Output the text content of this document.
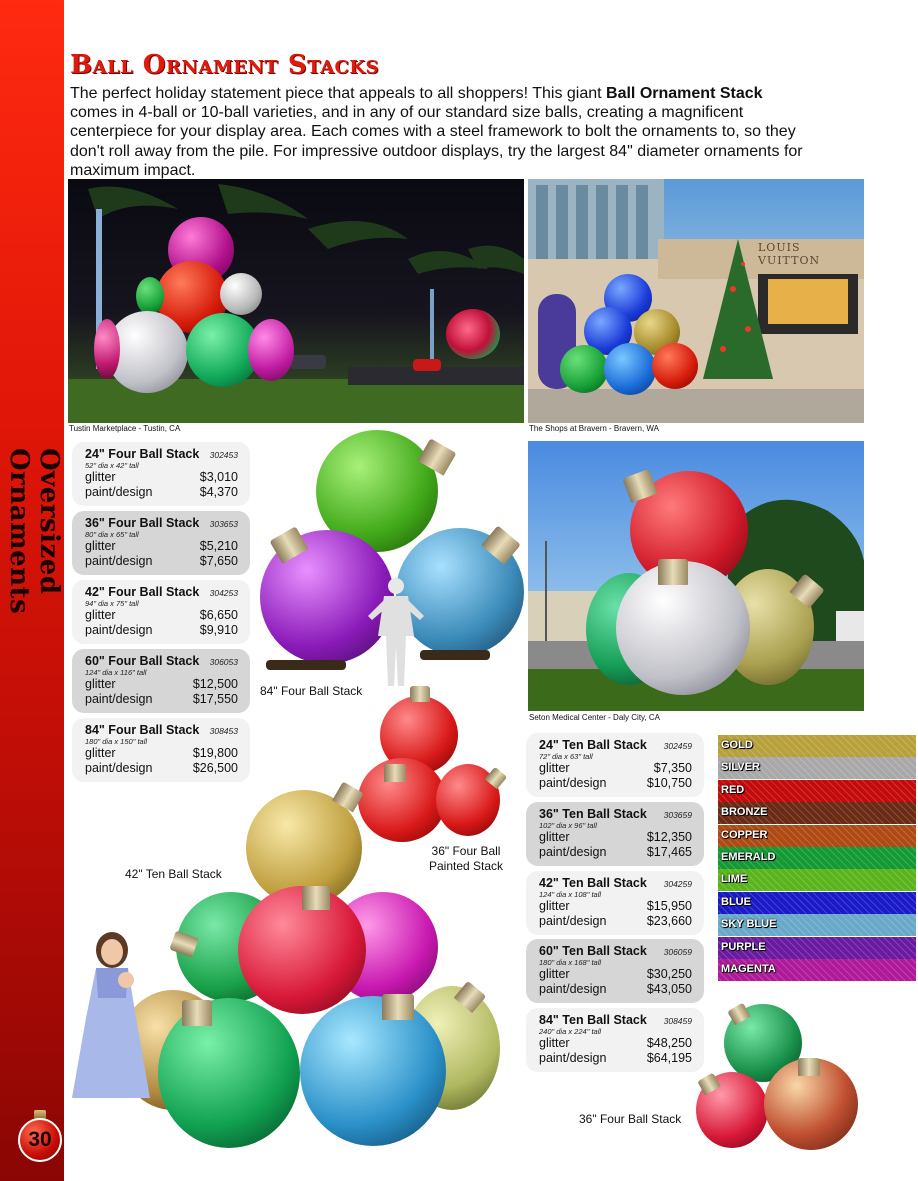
Oversized Ornaments
30
Ball Ornament Stacks

The perfect holiday statement piece that appeals to all shoppers! This giant Ball Ornament Stack comes in 4-ball or 10-ball varieties, and in any of our standard size balls, creating a magnificent centerpiece for your display area. Each comes with a steel framework to bolt the ornaments to, so they don't roll away from the pile. For impressive outdoor displays, try the largest 84" diameter ornaments for maximum impact.

Tustin Marketplace - Tustin, CA
LOUIS VUITTON
The Shops at Bravern - Bravern, WA
24" Four Ball Stack 302453
52" dia x 42" tall
glitter	$3,010
paint/design	$4,370
36" Four Ball Stack 303653
80" dia x 65" tall
glitter	$5,210
paint/design	$7,650
42" Four Ball Stack 304253
94" dia x 75" tall
glitter	$6,650
paint/design	$9,910
60" Four Ball Stack 306053
124" dia x 116" tall
glitter	$12,500
paint/design	$17,550
84" Four Ball Stack 308453
180" dia x 150" tall
glitter	$19,800
paint/design	$26,500
84" Four Ball Stack
Seton Medical Center - Daly City, CA
36" Four Ball
Painted Stack
24" Ten Ball Stack 302459
72" dia x 63" tall
glitter	$7,350
paint/design	$10,750
36" Ten Ball Stack 303659
102" dia x 96" tall
glitter	$12,350
paint/design	$17,465
42" Ten Ball Stack 304259
124" dia x 108" tall
glitter	$15,950
paint/design	$23,660
60" Ten Ball Stack 306059
180" dia x 168" tall
glitter	$30,250
paint/design	$43,050
84" Ten Ball Stack 308459
240" dia x 224" tall
glitter	$48,250
paint/design	$64,195
GOLD
SILVER
RED
BRONZE
COPPER
EMERALD
LIME
BLUE
SKY BLUE
PURPLE
MAGENTA
42" Ten Ball Stack
36" Four Ball Stack
